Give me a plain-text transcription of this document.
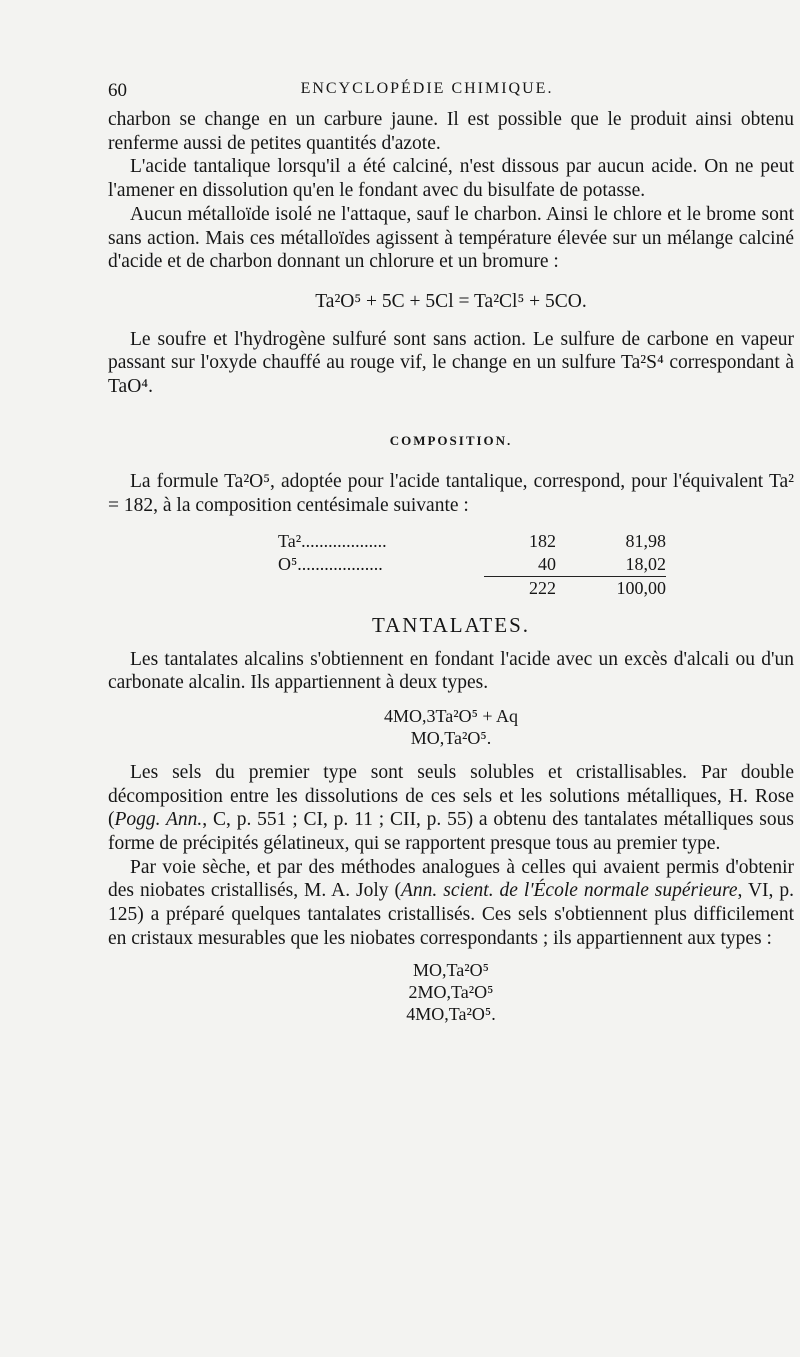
60	ENCYCLOPÉDIE CHIMIQUE.

charbon se change en un carbure jaune. Il est possible que le produit ainsi obtenu renferme aussi de petites quantités d'azote.

L'acide tantalique lorsqu'il a été calciné, n'est dissous par aucun acide. On ne peut l'amener en dissolution qu'en le fondant avec du bisulfate de potasse.

Aucun métalloïde isolé ne l'attaque, sauf le charbon. Ainsi le chlore et le brome sont sans action. Mais ces métalloïdes agissent à température élevée sur un mélange calciné d'acide et de charbon donnant un chlorure et un bromure :

Ta²O⁵ + 5C + 5Cl = Ta²Cl⁵ + 5CO.

Le soufre et l'hydrogène sulfuré sont sans action. Le sulfure de carbone en vapeur passant sur l'oxyde chauffé au rouge vif, le change en un sulfure Ta²S⁴ correspondant à TaO⁴.

COMPOSITION.

La formule Ta²O⁵, adoptée pour l'acide tantalique, correspond, pour l'équivalent Ta² = 182, à la composition centésimale suivante :

Ta²...................	182	81,98
O⁵...................	40	18,02
	222	100,00
TANTALATES.

Les tantalates alcalins s'obtiennent en fondant l'acide avec un excès d'alcali ou d'un carbonate alcalin. Ils appartiennent à deux types.

4MO,3Ta²O⁵ + Aq
MO,Ta²O⁵.

Les sels du premier type sont seuls solubles et cristallisables. Par double décomposition entre les dissolutions de ces sels et les solutions métalliques, H. Rose (Pogg. Ann., C, p. 551 ; CI, p. 11 ; CII, p. 55) a obtenu des tantalates métalliques sous forme de précipités gélatineux, qui se rapportent presque tous au premier type.

Par voie sèche, et par des méthodes analogues à celles qui avaient permis d'obtenir des niobates cristallisés, M. A. Joly (Ann. scient. de l'École normale supérieure, VI, p. 125) a préparé quelques tantalates cristallisés. Ces sels s'obtiennent plus difficilement en cristaux mesurables que les niobates correspondants ; ils appartiennent aux types :

MO,Ta²O⁵
2MO,Ta²O⁵
4MO,Ta²O⁵.
